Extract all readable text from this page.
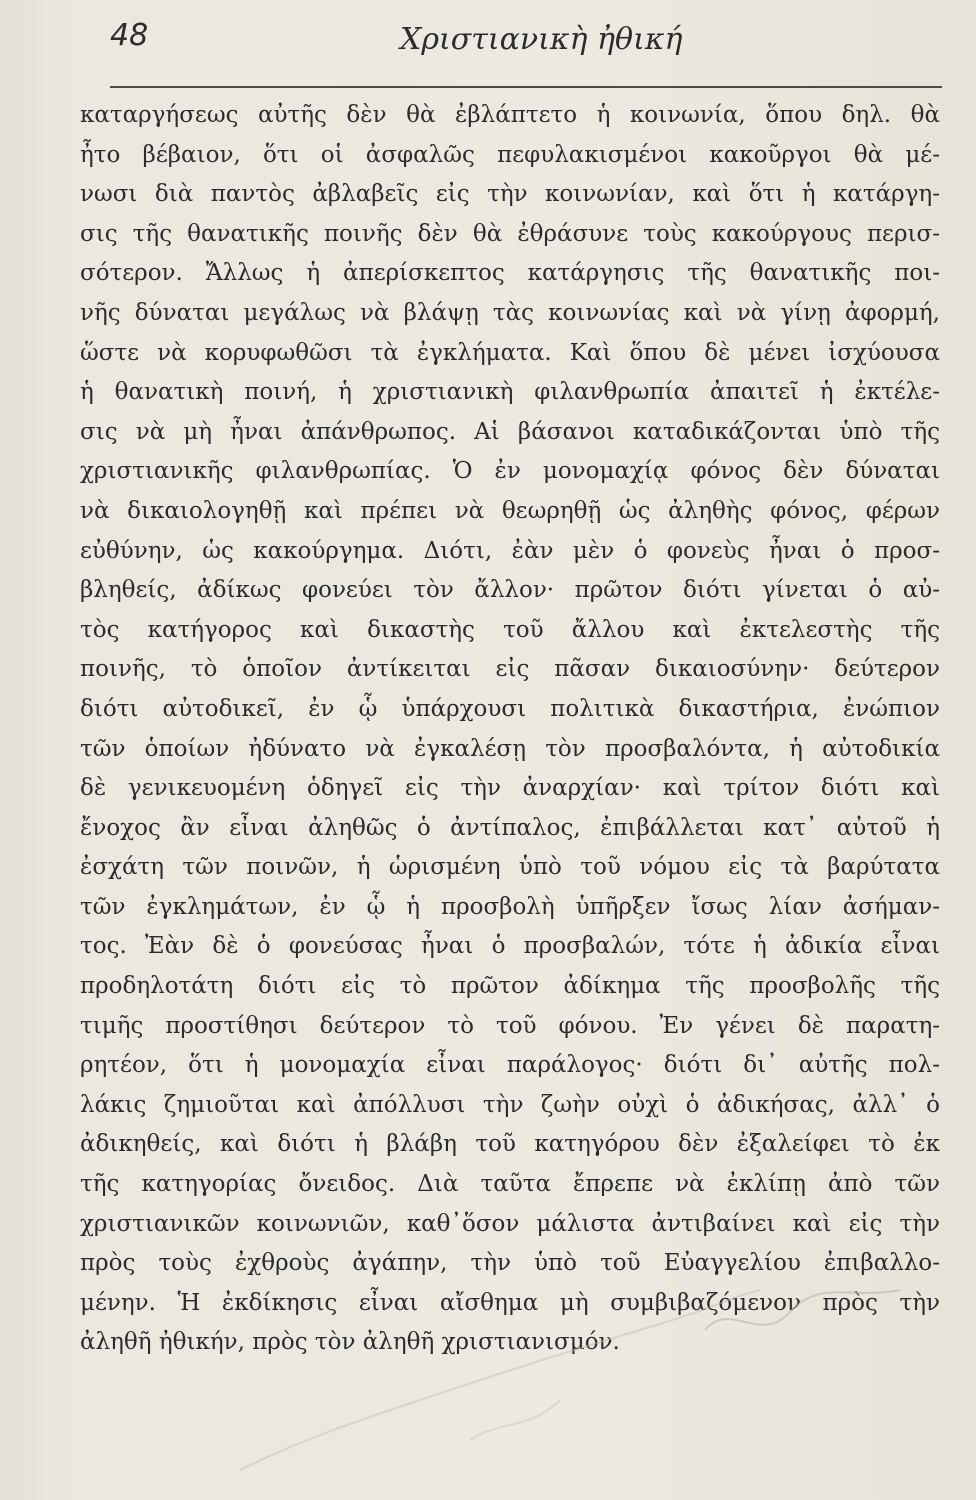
48	Χριστιανικὴ ἠθική
καταργήσεως αὐτῆς δὲν θὰ ἐβλάπτετο ἡ κοινωνία, ὅπου δηλ. θὰ
ἦτο βέβαιον, ὅτι οἱ ἀσφαλῶς πεφυλακισμένοι κακοῦργοι θὰ μέ-
νωσι διὰ παντὸς ἀβλαβεῖς εἰς τὴν κοινωνίαν, καὶ ὅτι ἡ κατάργη-
σις τῆς θανατικῆς ποινῆς δὲν θὰ ἐθράσυνε τοὺς κακούργους περισ-
σότερον. Ἄλλως ἡ ἀπερίσκεπτος κατάργησις τῆς θανατικῆς ποι-
νῆς δύναται μεγάλως νὰ βλάψῃ τὰς κοινωνίας καὶ νὰ γίνῃ ἀφορμή,
ὥστε νὰ κορυφωθῶσι τὰ ἐγκλήματα. Καὶ ὅπου δὲ μένει ἰσχύουσα
ἡ θανατικὴ ποινή, ἡ χριστιανικὴ φιλανθρωπία ἀπαιτεῖ ἡ ἐκτέλε-
σις νὰ μὴ ἦναι ἀπάνθρωπος. Αἱ βάσανοι καταδικάζονται ὑπὸ τῆς
χριστιανικῆς φιλανθρωπίας. Ὁ ἐν μονομαχίᾳ φόνος δὲν δύναται
νὰ δικαιολογηθῇ καὶ πρέπει νὰ θεωρηθῇ ὡς ἀληθὴς φόνος, φέρων
εὐθύνην, ὡς κακούργημα. Διότι, ἐὰν μὲν ὁ φονεὺς ἦναι ὁ προσ-
βληθείς, ἀδίκως φονεύει τὸν ἄλλον· πρῶτον διότι γίνεται ὁ αὐ-
τὸς κατήγορος καὶ δικαστὴς τοῦ ἄλλου καὶ ἐκτελεστὴς τῆς
ποινῆς, τὸ ὁποῖον ἀντίκειται εἰς πᾶσαν δικαιοσύνην· δεύτερον
διότι αὐτοδικεῖ, ἐν ᾧ ὑπάρχουσι πολιτικὰ δικαστήρια, ἐνώπιον
τῶν ὁποίων ἠδύνατο νὰ ἐγκαλέσῃ τὸν προσβαλόντα, ἡ αὐτοδικία
δὲ γενικευομένη ὁδηγεῖ εἰς τὴν ἀναρχίαν· καὶ τρίτον διότι καὶ
ἔνοχος ἂν εἶναι ἀληθῶς ὁ ἀντίπαλος, ἐπιβάλλεται κατ᾽ αὐτοῦ ἡ
ἐσχάτη τῶν ποινῶν, ἡ ὡρισμένη ὑπὸ τοῦ νόμου εἰς τὰ βαρύτατα
τῶν ἐγκλημάτων, ἐν ᾧ ἡ προσβολὴ ὑπῆρξεν ἴσως λίαν ἀσήμαν-
τος. Ἐὰν δὲ ὁ φονεύσας ἦναι ὁ προσβαλών, τότε ἡ ἀδικία εἶναι
προδηλοτάτη διότι εἰς τὸ πρῶτον ἀδίκημα τῆς προσβολῆς τῆς
τιμῆς προστίθησι δεύτερον τὸ τοῦ φόνου. Ἐν γένει δὲ παρατη-
ρητέον, ὅτι ἡ μονομαχία εἶναι παράλογος· διότι δι᾽ αὐτῆς πολ-
λάκις ζημιοῦται καὶ ἀπόλλυσι τὴν ζωὴν οὐχὶ ὁ ἀδικήσας, ἀλλ᾽ ὁ
ἀδικηθείς, καὶ διότι ἡ βλάβη τοῦ κατηγόρου δὲν ἐξαλείφει τὸ ἐκ
τῆς κατηγορίας ὄνειδος. Διὰ ταῦτα ἔπρεπε νὰ ἐκλίπῃ ἀπὸ τῶν
χριστιανικῶν κοινωνιῶν, καθ᾽ὅσον μάλιστα ἀντιβαίνει καὶ εἰς τὴν
πρὸς τοὺς ἐχθροὺς ἀγάπην, τὴν ὑπὸ τοῦ Εὐαγγελίου ἐπιβαλλο-
μένην. Ἡ ἐκδίκησις εἶναι αἴσθημα μὴ συμβιβαζόμενον πρὸς τὴν
ἀληθῆ ἠθικήν, πρὸς τὸν ἀληθῆ χριστιανισμόν.
